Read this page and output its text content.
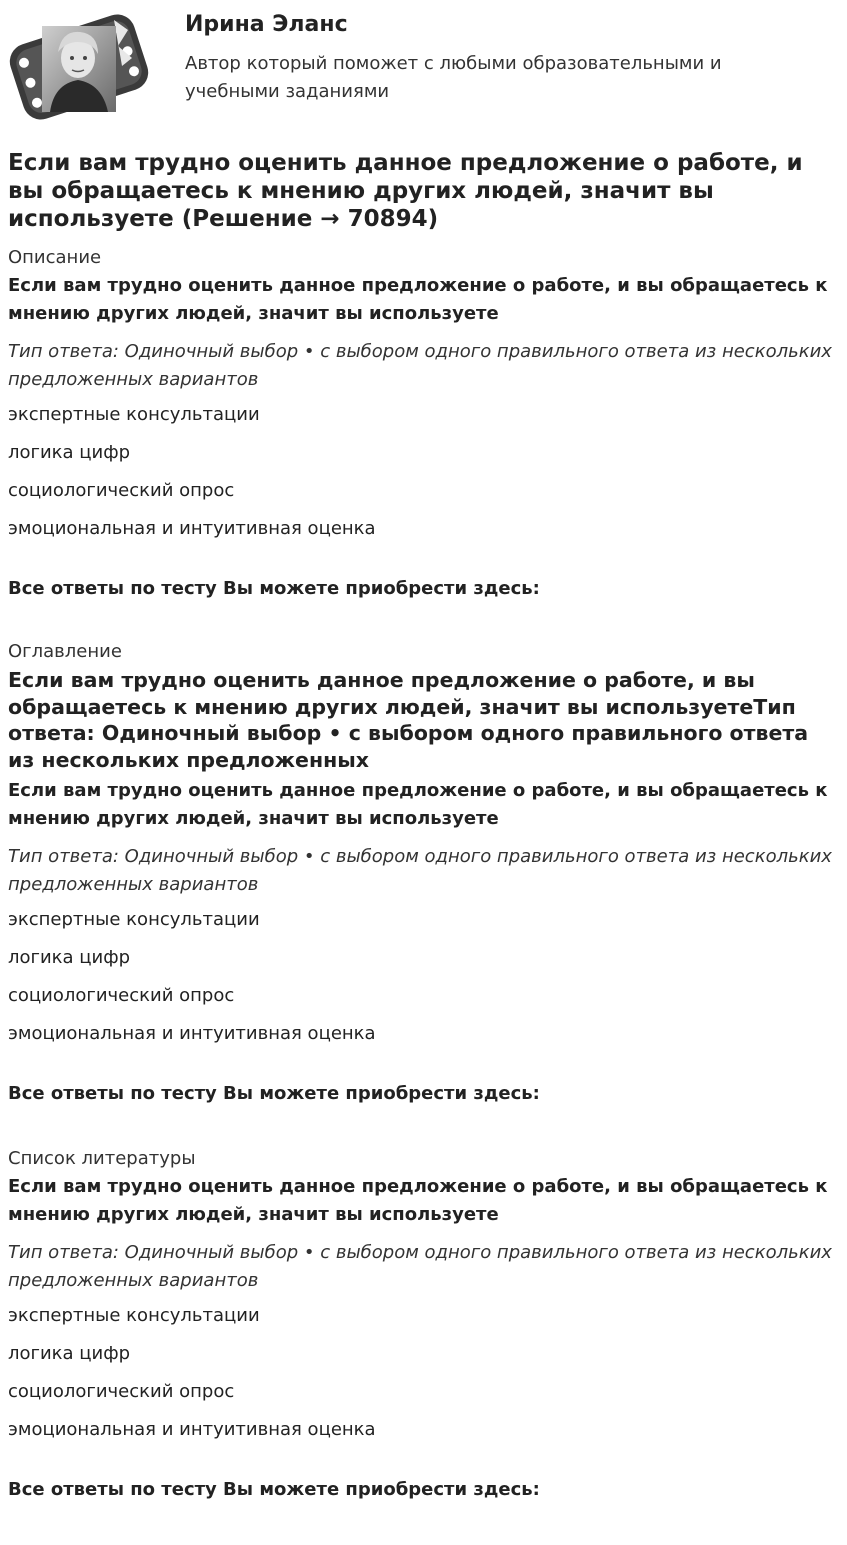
Ирина Эланс
Автор который поможет с любыми образовательными и учебными заданиями
Если вам трудно оценить данное предложение о работе, и вы обращаетесь к мнению других людей, значит вы используете (Решение → 70894)
Описание
Если вам трудно оценить данное предложение о работе, и вы обращаетесь к мнению других людей, значит вы используете
Тип ответа: Одиночный выбор • с выбором одного правильного ответа из нескольких предложенных вариантов
экспертные консультации
логика цифр
социологический опрос
эмоциональная и интуитивная оценка
Все ответы по тесту Вы можете приобрести здесь:
Оглавление
Если вам трудно оценить данное предложение о работе, и вы обращаетесь к мнению других людей, значит вы используетеТип ответа: Одиночный выбор • с выбором одного правильного ответа из нескольких предложенных
Если вам трудно оценить данное предложение о работе, и вы обращаетесь к мнению других людей, значит вы используете
Тип ответа: Одиночный выбор • с выбором одного правильного ответа из нескольких предложенных вариантов
экспертные консультации
логика цифр
социологический опрос
эмоциональная и интуитивная оценка
Все ответы по тесту Вы можете приобрести здесь:
Список литературы
Если вам трудно оценить данное предложение о работе, и вы обращаетесь к мнению других людей, значит вы используете
Тип ответа: Одиночный выбор • с выбором одного правильного ответа из нескольких предложенных вариантов
экспертные консультации
логика цифр
социологический опрос
эмоциональная и интуитивная оценка
Все ответы по тесту Вы можете приобрести здесь:
